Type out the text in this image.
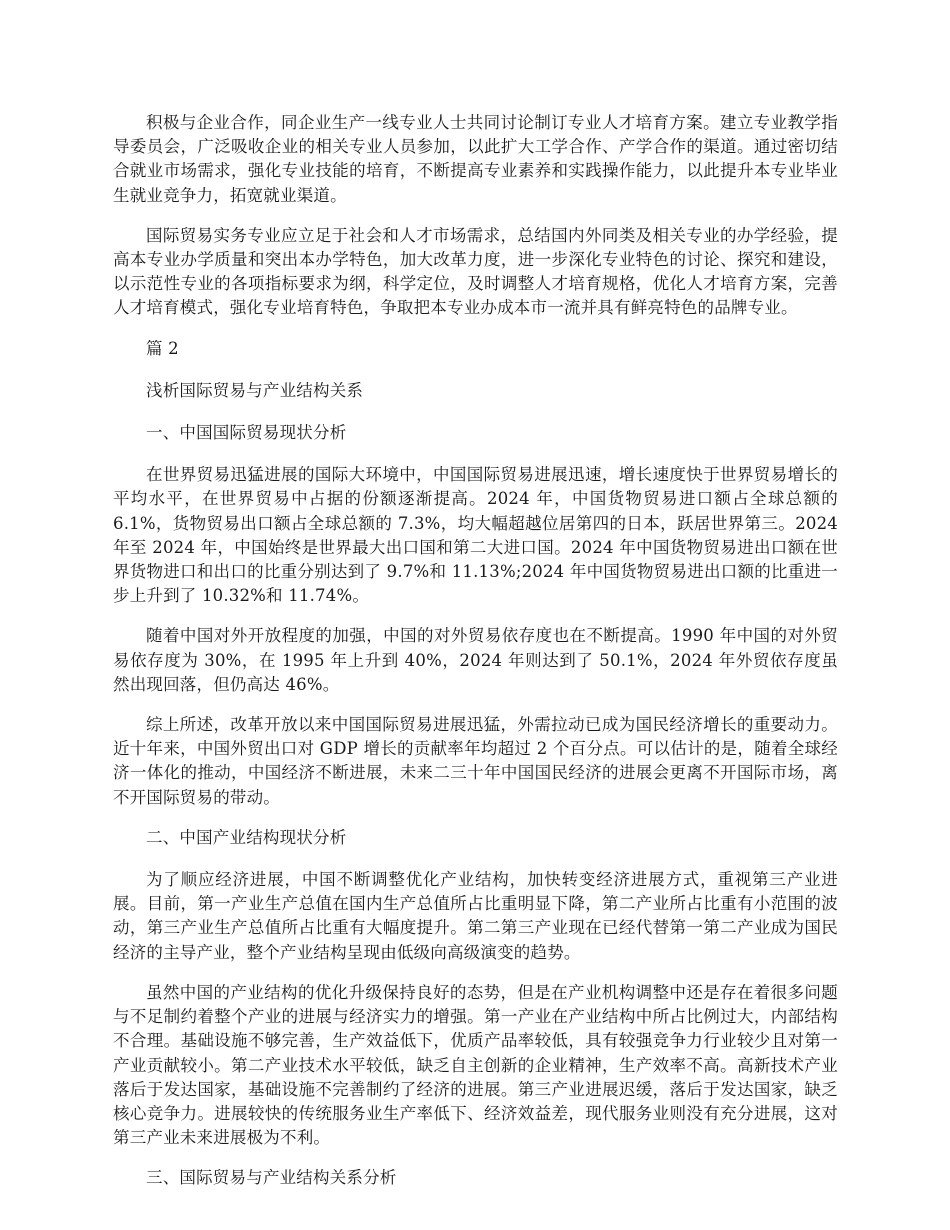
积极与企业合作，同企业生产一线专业人士共同讨论制订专业人才培育方案。建立专业教学指导委员会，广泛吸收企业的相关专业人员参加，以此扩大工学合作、产学合作的渠道。通过密切结合就业市场需求，强化专业技能的培育，不断提高专业素养和实践操作能力，以此提升本专业毕业生就业竞争力，拓宽就业渠道。

国际贸易实务专业应立足于社会和人才市场需求，总结国内外同类及相关专业的办学经验，提高本专业办学质量和突出本办学特色，加大改革力度，进一步深化专业特色的讨论、探究和建设，以示范性专业的各项指标要求为纲，科学定位，及时调整人才培育规格，优化人才培育方案，完善人才培育模式，强化专业培育特色，争取把本专业办成本市一流并具有鲜亮特色的品牌专业。

篇 2

浅析国际贸易与产业结构关系

一、中国国际贸易现状分析

在世界贸易迅猛进展的国际大环境中，中国国际贸易进展迅速，增长速度快于世界贸易增长的平均水平，在世界贸易中占据的份额逐渐提高。2024 年，中国货物贸易进口额占全球总额的 6.1%，货物贸易出口额占全球总额的 7.3%，均大幅超越位居第四的日本，跃居世界第三。2024 年至 2024 年，中国始终是世界最大出口国和第二大进口国。2024 年中国货物贸易进出口额在世界货物进口和出口的比重分别达到了 9.7%和 11.13%;2024 年中国货物贸易进出口额的比重进一步上升到了 10.32%和 11.74%。

随着中国对外开放程度的加强，中国的对外贸易依存度也在不断提高。1990 年中国的对外贸易依存度为 30%，在 1995 年上升到 40%，2024 年则达到了 50.1%，2024 年外贸依存度虽然出现回落，但仍高达 46%。

综上所述，改革开放以来中国国际贸易进展迅猛，外需拉动已成为国民经济增长的重要动力。近十年来，中国外贸出口对 GDP 增长的贡献率年均超过 2 个百分点。可以估计的是，随着全球经济一体化的推动，中国经济不断进展，未来二三十年中国国民经济的进展会更离不开国际市场，离不开国际贸易的带动。

二、中国产业结构现状分析

为了顺应经济进展，中国不断调整优化产业结构，加快转变经济进展方式，重视第三产业进展。目前，第一产业生产总值在国内生产总值所占比重明显下降，第二产业所占比重有小范围的波动，第三产业生产总值所占比重有大幅度提升。第二第三产业现在已经代替第一第二产业成为国民经济的主导产业，整个产业结构呈现由低级向高级演变的趋势。

虽然中国的产业结构的优化升级保持良好的态势，但是在产业机构调整中还是存在着很多问题与不足制约着整个产业的进展与经济实力的增强。第一产业在产业结构中所占比例过大，内部结构不合理。基础设施不够完善，生产效益低下，优质产品率较低，具有较强竞争力行业较少且对第一产业贡献较小。第二产业技术水平较低，缺乏自主创新的企业精神，生产效率不高。高新技术产业落后于发达国家，基础设施不完善制约了经济的进展。第三产业进展迟缓，落后于发达国家，缺乏核心竞争力。进展较快的传统服务业生产率低下、经济效益差，现代服务业则没有充分进展，这对第三产业未来进展极为不利。

三、国际贸易与产业结构关系分析
